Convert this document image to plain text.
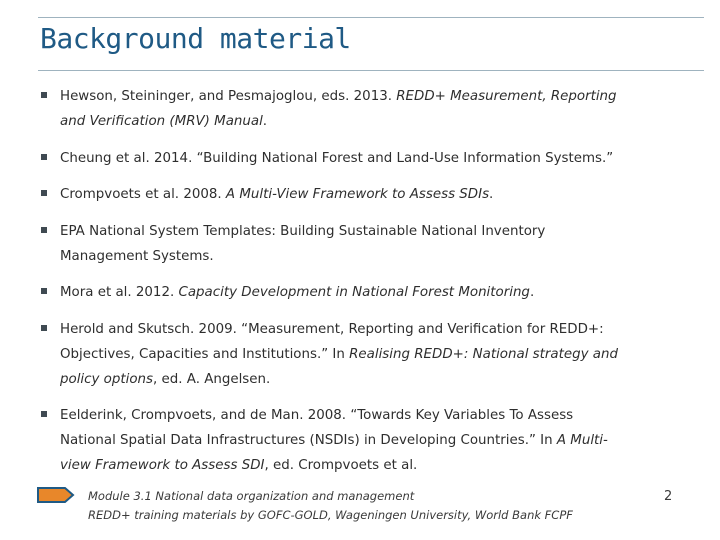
Background material
Hewson, Steininger, and Pesmajoglou, eds. 2013. REDD+ Measurement, Reporting
and Verification (MRV) Manual.
Cheung et al. 2014. “Building National Forest and Land-Use Information Systems.”
Crompvoets et al. 2008. A Multi-View Framework to Assess SDIs.
EPA National System Templates: Building Sustainable National Inventory
Management Systems.
Mora et al. 2012. Capacity Development in National Forest Monitoring.
Herold and Skutsch. 2009. “Measurement, Reporting and Verification for REDD+:
Objectives, Capacities and Institutions.” In Realising REDD+: National strategy and
policy options, ed. A. Angelsen.
Eelderink, Crompvoets, and de Man. 2008. “Towards Key Variables To Assess
National Spatial Data Infrastructures (NSDIs) in Developing Countries.” In A Multi-
view Framework to Assess SDI, ed. Crompvoets et al.
Module 3.1 National data organization and management
REDD+ training materials by GOFC-GOLD, Wageningen University, World Bank FCPF
2
